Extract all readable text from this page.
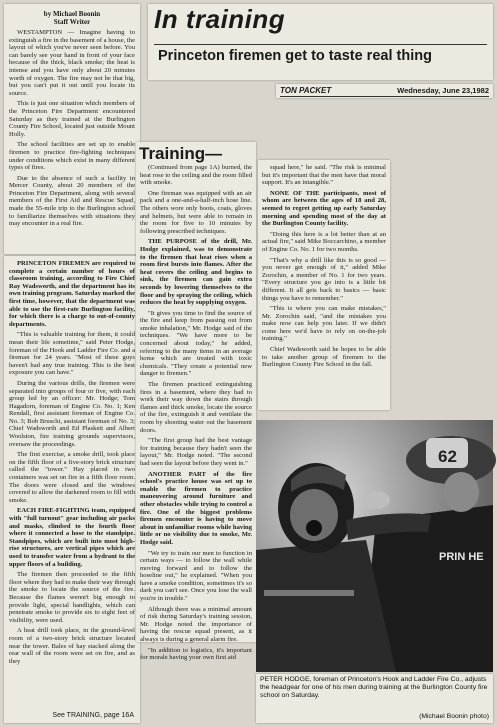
by Michael Boonin
Staff Writer

WESTAMPTON — Imagine having to extinguish a fire in the basement of a house, the layout of which you've never seen before. You can barely see your hand in front of your face because of the thick, black smoke; the heat is intense and you have only about 20 minutes worth of oxygen. The fire may not be that big, but you can't put it out until you locate its source.

This is just one situation which members of the Princeton Fire Department encountered Saturday as they trained at the Burlington County Fire School, located just outside Mount Holly.

The school facilities are set up to enable firemen to practice fire-fighting techniques under conditions which exist in many different types of fires.

Due to the absence of such a facility in Mercer County, about 20 members of the Princeton Fire Department, along with several members of the First Aid and Rescue Squad, made the 55-mile trip to the Burlington school to familiarize themselves with situations they may encounter in a real fire.

PRINCETON FIREMEN are required to complete a certain number of hours of classroom training, according to Fire Chief Ray Wadsworth, and the department has its own training program. Saturday marked the first time, however, that the department was able to use the first-rate Burlington facility, for which there is a charge to out-of-county departments.

"This is valuable training for them, it could mean their life sometime," said Peter Hodge, foreman of the Hook and Ladder Fire Co. and a fireman for 24 years. "Most of these guys haven't had any true training. This is the best exposure you can have."

During the various drills, the firemen were separated into groups of four or five, with each group led by an officer: Mr. Hodge; Tom Hagadorn, foreman of Engine Co. No. 1; Ken Rendall, first assistant foreman of Engine Co. No. 3; Bob Bruschi, assistant foreman of No. 3; Chief Wadsworth and Ed Plaskett and Albert Woolston, fire training grounds supervisors, oversaw the proceedings.

The first exercise, a smoke drill, took place on the fifth floor of a five-story brick structure called the "tower." Hay placed in two containers was set on fire in a fifth floor room. The doors were closed and the windows covered to allow the darkened room to fill with smoke.

EACH FIRE-FIGHTING team, equipped with "full turnout" gear including air packs and masks, climbed to the fourth floor where it connected a hose to the standpipe. Standpipes, which are built into most high-rise structures, are vertical pipes which are used to transfer water from a hydrant to the upper floors of a building.

The firemen then proceeded to the fifth floor where they had to make their way through the smoke to locate the source of the fire. Because the flames weren't big enough to provide light, special handlights, which can penetrate smoke to provide six to eight feet of visibility, were used.

A heat drill took place, in the ground-level room of a two-story brick structure located near the tower. Bales of hay stacked along the rear wall of the room were set on fire, and as they

See TRAINING, page 16A
In training
Princeton firemen get to taste real thing
TON PACKET	Wednesday, June 23,1982
Training—

(Continued from page 1A) burned, the heat rose to the ceiling and the room filled with smoke.

One fireman was equipped with an air pack and a one-and-a-half-inch hose line. The others wore only boots, coats, gloves and helmets, but were able to remain in the room for five to 10 minutes by following prescribed techniques.

THE PURPOSE of the drill, Mr. Hodge explained, was to demonstrate to the firemen that heat rises when a room first bursts into flames. After the heat covers the ceiling and begins to sink, the firemen can gain extra seconds by lowering themselves to the floor and by spraying the ceiling, which reduces the heat by supplying oxygen.

"It gives you time to find the source of the fire and keep from passing out from smoke inhalation," Mr. Hodge said of the techniques. "We have more to be concerned about today," he added, referring to the many items in an average home which are treated with toxic chemicals. "They create a potential new danger to firemen."

The firemen practiced extinguishing fires in a basement, where they had to work their way down the stairs through flames and thick smoke, locate the source of the fire, extinguish it and ventilate the room by shooting water out the basement doors.

"The first group had the best vantage for training because they hadn't seen the layout," Mr. Hodge noted. "The second had seen the layout before they went in."

ANOTHER PART of the fire school's practice house was set up to enable the firemen to practice maneuvering around furniture and other obstacles while trying to control a fire. One of the biggest problems firemen encounter is having to move about in unfamiliar rooms while having little or no visibility due to smoke, Mr. Hodge said.

"We try to train our men to function in certain ways — to follow the wall while moving forward and to follow the hoseline out," he explained. "When you have a smoke condition, sometimes it's so dark you can't see. Once you lose the wall you're in trouble."

Although there was a minimal amount of risk during Saturday's training session, Mr. Hodge noted the importance of having the rescue squad present, as it always is during a general alarm fire.

"In addition to logistics, it's important for morale having your own first aid

squad here," he said. "The risk is minimal but it's important that the men have that moral support. It's an intangible."

NONE OF THE participants, most of whom are between the ages of 18 and 28, seemed to regret getting up early Saturday morning and spending most of the day at the Burlington County facility.

"Doing this here is a lot better than at an actual fire," said Mike Boccarchino, a member of Engine Co. No. 1 for two months.

"That's why a drill like this is so good — you never get enough of it," added Mike Zorochin, a member of No. 1 for two years. "Every structure you go into is a little bit different. It all gets back to basics — basic things you have to remember."

"This is where you can make mistakes," Mr. Zorochin said, "and the mistakes you make now can help you later. If we didn't come here we'd have to rely on on-the-job training."

Chief Wadsworth said he hopes to be able to take another group of firemen to the Burlington County Fire School in the fall.

62
PRIN HE
PETER HODGE, foreman of Princeton's Hook and Ladder Fire Co., adjusts the headgear for one of his men during training at the Burlington County fire school on Saturday.
(Michael Boonin photo)
